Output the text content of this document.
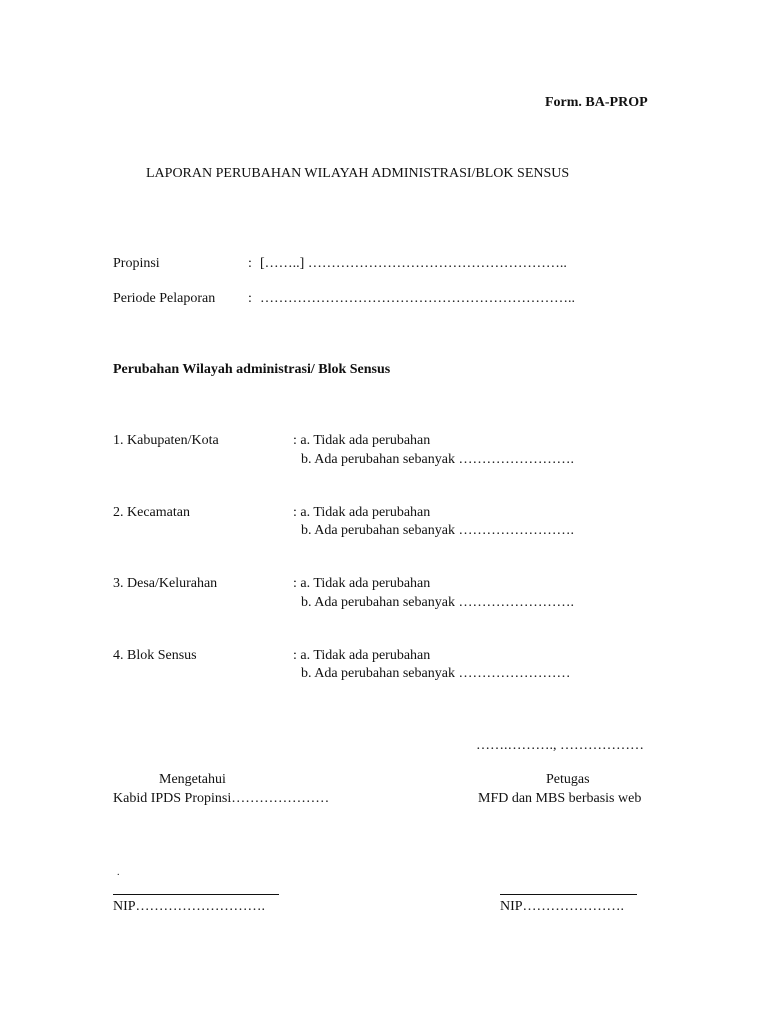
Form. BA-PROP
LAPORAN PERUBAHAN WILAYAH ADMINISTRASI/BLOK SENSUS
Propinsi	: [……..] ………………………………………………..
Periode Pelaporan : …………………………………………………………..
Perubahan Wilayah administrasi/ Blok Sensus
1. Kabupaten/Kota	: a. Tidak ada perubahan
b. Ada perubahan sebanyak …………………….
2. Kecamatan	: a. Tidak ada perubahan
b. Ada perubahan sebanyak …………………….
3. Desa/Kelurahan	: a. Tidak ada perubahan
b. Ada perubahan sebanyak …………………….
4. Blok Sensus	: a. Tidak ada perubahan
b. Ada perubahan sebanyak ……………………
…….………., ………………
Mengetahui
Kabid IPDS Propinsi…………………
Petugas
MFD dan MBS berbasis web
.
NIP……………………….	NIP………………….
